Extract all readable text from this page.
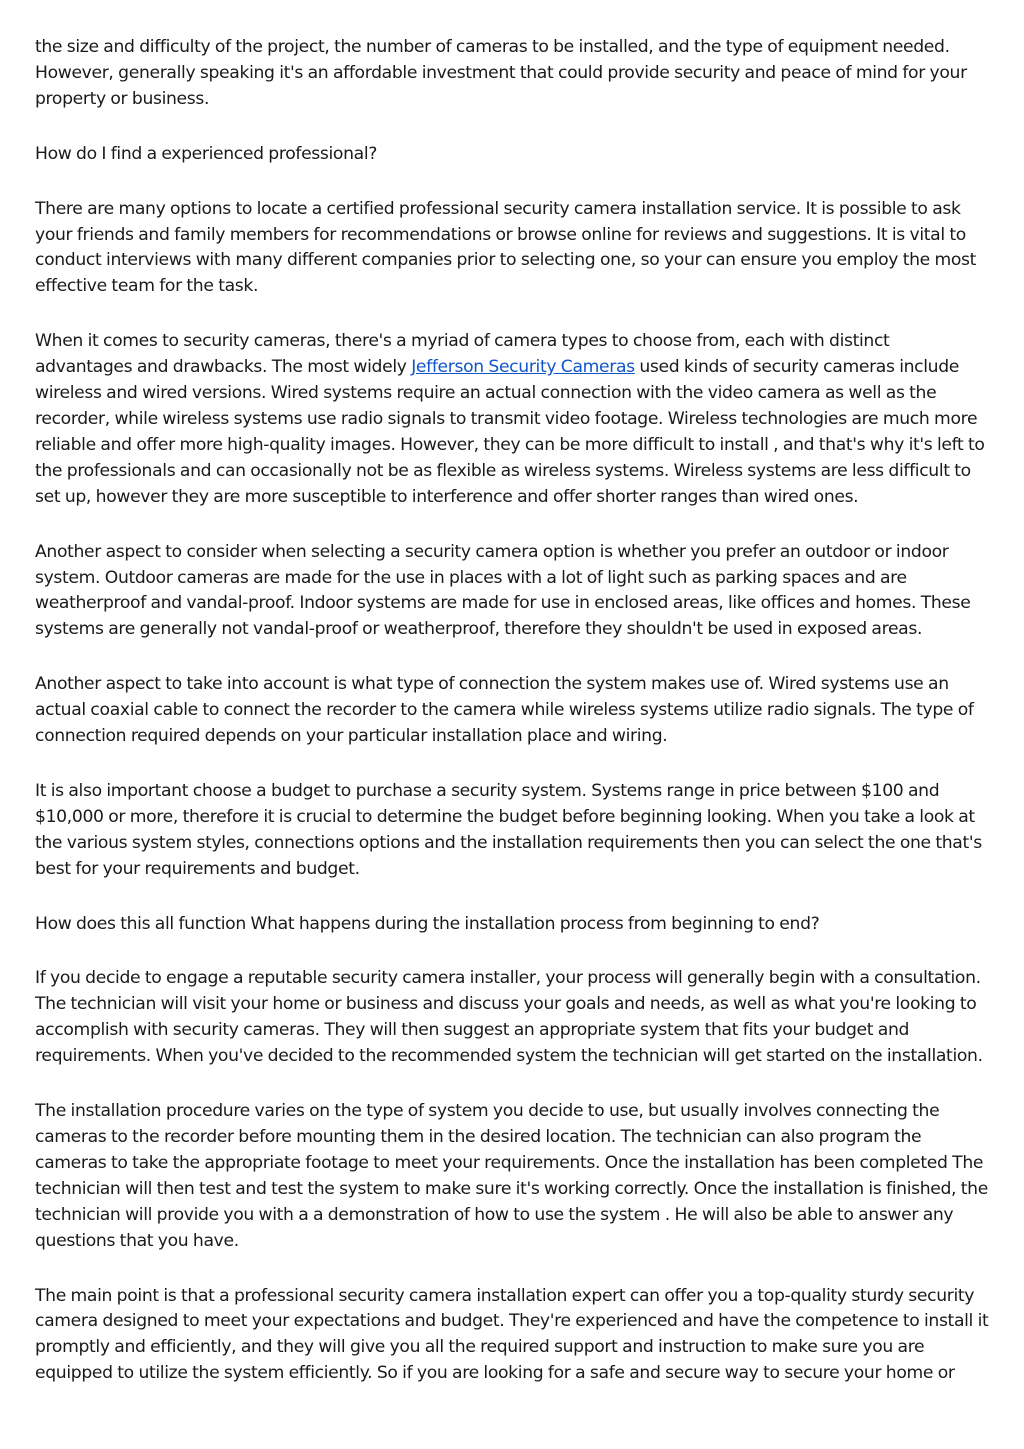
the size and difficulty of the project, the number of cameras to be installed, and the type of equipment needed. However, generally speaking it's an affordable investment that could provide security and peace of mind for your property or business.

How do I find a experienced professional?

There are many options to locate a certified professional security camera installation service. It is possible to ask your friends and family members for recommendations or browse online for reviews and suggestions. It is vital to conduct interviews with many different companies prior to selecting one, so your can ensure you employ the most effective team for the task.

When it comes to security cameras, there's a myriad of camera types to choose from, each with distinct advantages and drawbacks. The most widely Jefferson Security Cameras used kinds of security cameras include wireless and wired versions. Wired systems require an actual connection with the video camera as well as the recorder, while wireless systems use radio signals to transmit video footage. Wireless technologies are much more reliable and offer more high-quality images. However, they can be more difficult to install , and that's why it's left to the professionals and can occasionally not be as flexible as wireless systems. Wireless systems are less difficult to set up, however they are more susceptible to interference and offer shorter ranges than wired ones.

Another aspect to consider when selecting a security camera option is whether you prefer an outdoor or indoor system. Outdoor cameras are made for the use in places with a lot of light such as parking spaces and are weatherproof and vandal-proof. Indoor systems are made for use in enclosed areas, like offices and homes. These systems are generally not vandal-proof or weatherproof, therefore they shouldn't be used in exposed areas.

Another aspect to take into account is what type of connection the system makes use of. Wired systems use an actual coaxial cable to connect the recorder to the camera while wireless systems utilize radio signals. The type of connection required depends on your particular installation place and wiring.

It is also important choose a budget to purchase a security system. Systems range in price between $100 and $10,000 or more, therefore it is crucial to determine the budget before beginning looking. When you take a look at the various system styles, connections options and the installation requirements then you can select the one that's best for your requirements and budget.

How does this all function What happens during the installation process from beginning to end?

If you decide to engage a reputable security camera installer, your process will generally begin with a consultation. The technician will visit your home or business and discuss your goals and needs, as well as what you're looking to accomplish with security cameras. They will then suggest an appropriate system that fits your budget and requirements. When you've decided to the recommended system the technician will get started on the installation.

The installation procedure varies on the type of system you decide to use, but usually involves connecting the cameras to the recorder before mounting them in the desired location. The technician can also program the cameras to take the appropriate footage to meet your requirements. Once the installation has been completed The technician will then test and test the system to make sure it's working correctly. Once the installation is finished, the technician will provide you with a a demonstration of how to use the system . He will also be able to answer any questions that you have.

The main point is that a professional security camera installation expert can offer you a top-quality sturdy security camera designed to meet your expectations and budget. They're experienced and have the competence to install it promptly and efficiently, and they will give you all the required support and instruction to make sure you are equipped to utilize the system efficiently. So if you are looking for a safe and secure way to secure your home or
